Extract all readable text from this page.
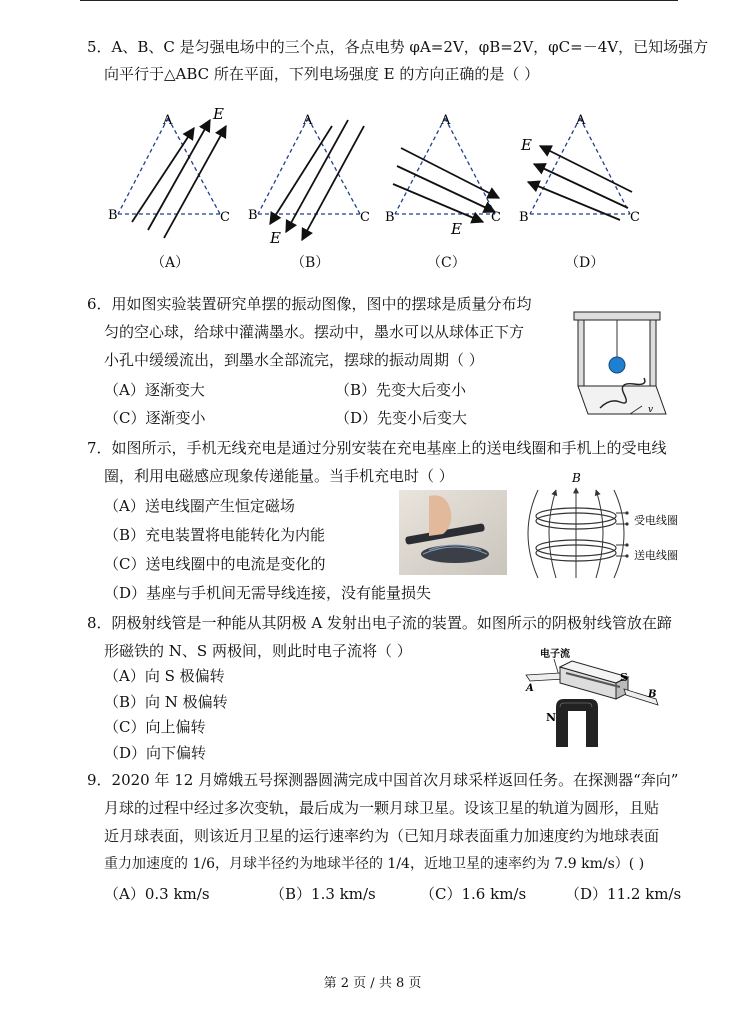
5．A、B、C 是匀强电场中的三个点，各点电势 φA=2V，φB=2V，φC=－4V，已知场强方
向平行于△ABC 所在平面，下列电场强度 E 的方向正确的是（ ）
A
B	C
E	A
B	C
E
A
B	C
E
A
B	C
E
（A）	（B）	（C）	（D）
6．用如图实验装置研究单摆的振动图像，图中的摆球是质量分布均
匀的空心球，给球中灌满墨水。摆动中，墨水可以从球体正下方
小孔中缓缓流出，到墨水全部流完，摆球的振动周期（ ）
（A）逐渐变大	（B）先变大后变小
（C）逐渐变小	（D）先变小后变大	v
7．如图所示，手机无线充电是通过分别安装在充电基座上的送电线圈和手机上的受电线
圈，利用电磁感应现象传递能量。当手机充电时（ ）
（A）送电线圈产生恒定磁场
（B）充电装置将电能转化为内能
（C）送电线圈中的电流是变化的
（D）基座与手机间无需导线连接，没有能量损失
B
受电线圈
送电线圈
8．阴极射线管是一种能从其阴极 A 发射出电子流的装置。如图所示的阴极射线管放在蹄
形磁铁的 N、S 两极间，则此时电子流将（ ）
（A）向 S 极偏转
（B）向 N 极偏转
（C）向上偏转
（D）向下偏转
电子流
N
S
A
B
9．2020 年 12 月嫦娥五号探测器圆满完成中国首次月球采样返回任务。在探测器“奔向”
月球的过程中经过多次变轨，最后成为一颗月球卫星。设该卫星的轨道为圆形，且贴
近月球表面，则该近月卫星的运行速率约为（已知月球表面重力加速度约为地球表面
重力加速度的 1/6，月球半径约为地球半径的 1/4，近地卫星的速率约为 7.9 km/s）( )
（A）0.3 km/s	（B）1.3 km/s	（C）1.6 km/s	（D）11.2 km/s
第 2 页 / 共 8 页
